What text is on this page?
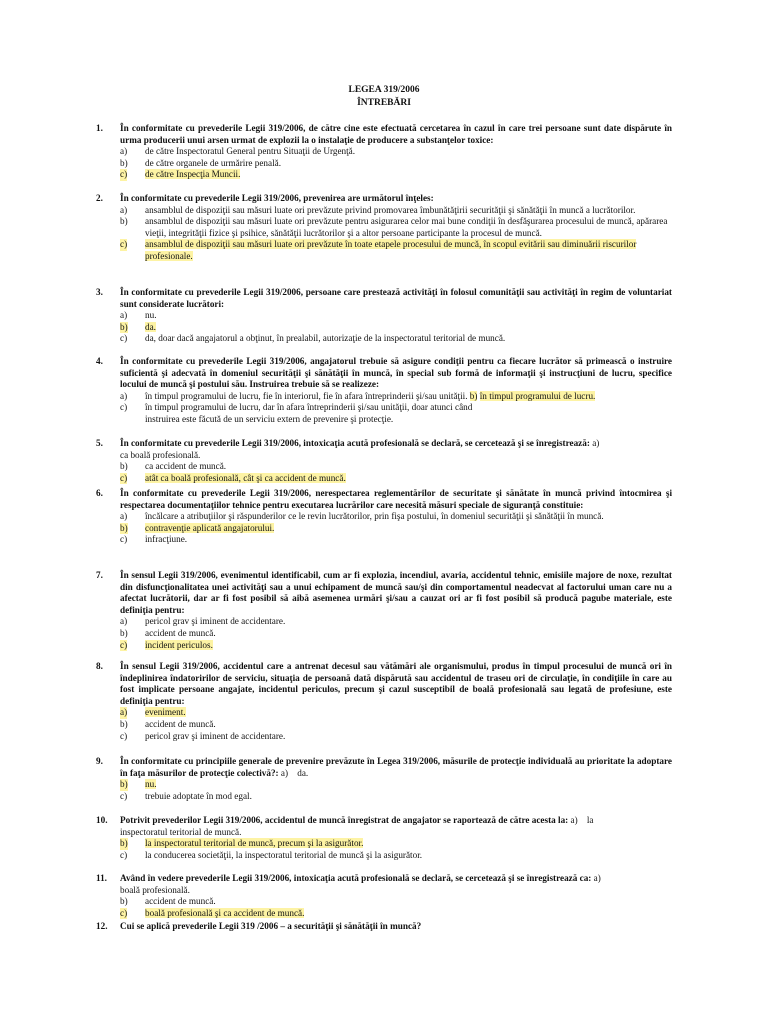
LEGEA 319/2006
ÎNTREBĂRI
1.	În conformitate cu prevederile Legii 319/2006, de către cine este efectuată cercetarea în cazul în care trei persoane sunt date dispărute în urma producerii unui arsen urmat de explozii la o instalaţie de producere a substanţelor toxice:
a) de către Inspectoratul General pentru Situaţii de Urgenţă.
b) de către organele de urmărire penală.
c) de către Inspecţia Muncii.
2.	În conformitate cu prevederile Legii 319/2006, prevenirea are următorul înţeles:
a) ansamblul de dispoziţii sau măsuri luate ori prevăzute privind promovarea îmbunătăţirii securităţii şi sănătăţii în muncă a lucrătorilor.
b) ansamblul de dispoziţii sau măsuri luate ori prevăzute pentru asigurarea celor mai bune condiţii în desfăşurarea procesului de muncă, apărarea vieţii, integrităţii fizice şi psihice, sănătăţii lucrătorilor şi a altor persoane participante la procesul de muncă.
c) ansamblul de dispoziţii sau măsuri luate ori prevăzute în toate etapele procesului de muncă, în scopul evitării sau diminuării riscurilor profesionale.
3.	În conformitate cu prevederile Legii 319/2006, persoane care prestează activităţi în folosul comunităţii sau activităţi în regim de voluntariat sunt considerate lucrători:
a) nu.
b) da.
c) da, doar dacă angajatorul a obţinut, în prealabil, autorizaţie de la inspectoratul teritorial de muncă.
4.	În conformitate cu prevederile Legii 319/2006, angajatorul trebuie să asigure condiţii pentru ca fiecare lucrător să primească o instruire suficientă şi adecvată în domeniul securităţii şi sănătăţii în muncă, în special sub formă de informaţii şi instrucţiuni de lucru, specifice locului de muncă şi postului său. Instruirea trebuie să se realizeze:
a) în timpul programului de lucru, fie în interiorul, fie în afara întreprinderii şi/sau unităţii. b) în timpul programului de lucru.
c) în timpul programului de lucru, dar în afara întreprinderii şi/sau unităţii, doar atunci când
instruirea este făcută de un serviciu extern de prevenire şi protecţie.
5.	În conformitate cu prevederile Legii 319/2006, intoxicaţia acută profesională se declară, se cercetează şi se înregistrează: a)
ca boală profesională.
b) ca accident de muncă.
c) atât ca boală profesională, cât şi ca accident de muncă.
6.	În conformitate cu prevederile Legii 319/2006, nerespectarea reglementărilor de securitate şi sănătate în muncă privind întocmirea şi respectarea documentaţiilor tehnice pentru executarea lucrărilor care necesită măsuri speciale de siguranţă constituie:
a) încălcare a atribuţiilor şi răspunderilor ce le revin lucrătorilor, prin fişa postului, în domeniul securităţii şi sănătăţii în muncă.
b) contravenţie aplicată angajatorului.
c) infracţiune.
7.	În sensul Legii 319/2006, evenimentul identificabil, cum ar fi explozia, incendiul, avaria, accidentul tehnic, emisiile majore de noxe, rezultat din disfuncţionalitatea unei activităţi sau a unui echipament de muncă sau/şi din comportamentul neadecvat al factorului uman care nu a afectat lucrătorii, dar ar fi fost posibil să aibă asemenea urmări şi/sau a cauzat ori ar fi fost posibil să producă pagube materiale, este definiţia pentru:
a) pericol grav şi iminent de accidentare.
b) accident de muncă.
c) incident periculos.
8.	În sensul Legii 319/2006, accidentul care a antrenat decesul sau vătămări ale organismului, produs în timpul procesului de muncă ori în îndeplinirea îndatoririlor de serviciu, situaţia de persoană dată dispărută sau accidentul de traseu ori de circulaţie, în condiţiile în care au fost implicate persoane angajate, incidentul periculos, precum şi cazul susceptibil de boală profesională sau legată de profesiune, este definiţia pentru:
a) eveniment.
b) accident de muncă.
c) pericol grav şi iminent de accidentare.
9.	În conformitate cu principiile generale de prevenire prevăzute în Legea 319/2006, măsurile de protecţie individuală au prioritate la adoptare în faţa măsurilor de protecţie colectivă?: a) da.
b) nu.
c) trebuie adoptate în mod egal.
10.	Potrivit prevederilor Legii 319/2006, accidentul de muncă înregistrat de angajator se raportează de către acesta la: a) la
inspectoratul teritorial de muncă.
b) la inspectoratul teritorial de muncă, precum şi la asigurător.
c) la conducerea societăţii, la inspectoratul teritorial de muncă şi la asigurător.
11.	Având în vedere prevederile Legii 319/2006, intoxicaţia acută profesională se declară, se cercetează şi se înregistrează ca: a)
boală profesională.
b) accident de muncă.
c) boală profesională şi ca accident de muncă.
12.	Cui se aplică prevederile Legii 319 /2006 – a securităţii şi sănătăţii în muncă?
